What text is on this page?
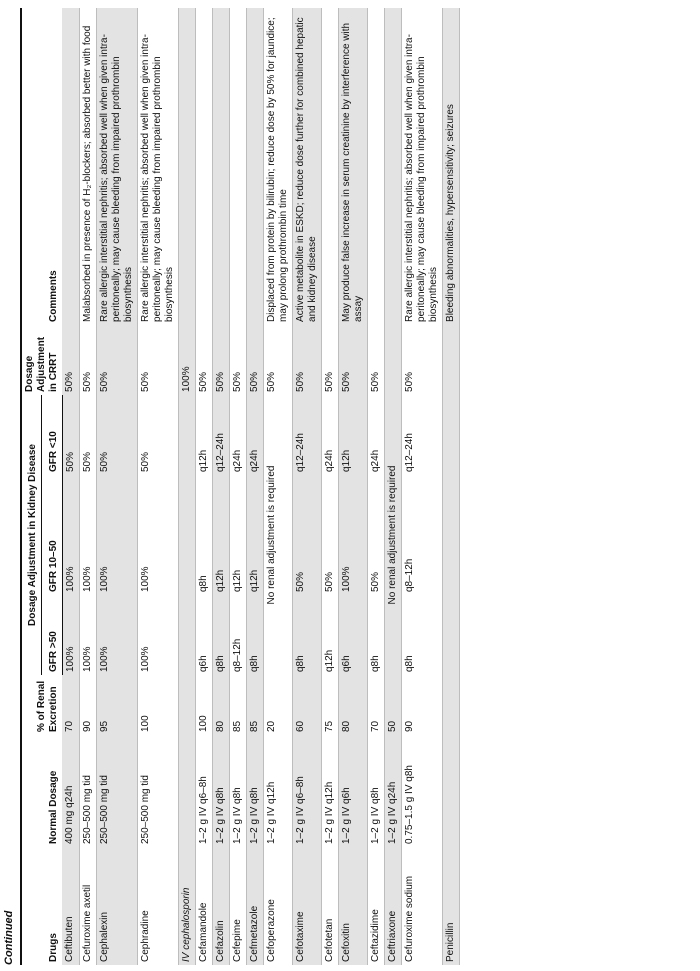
Continued	Drugs	Normal Dosage	% of Renal Excretion	Dosage Adjustment in Kidney Disease			Dosage Adjustment in CRRT	Comments
			GFR >50	GFR 10–50	GFR <10		
Ceftibuten	400 mg q24h	70	100%	100%	50%	50%	
Cefuroxime axetil	250–500 mg tid	90	100%	100%	50%	50%	Malabsorbed in presence of H₂-blockers; absorbed better with food
Cephalexin	250–500 mg tid	95	100%	100%	50%	50%	Rare allergic interstitial nephritis; absorbed well when given intra-peritoneally; may cause bleeding from impaired prothrombin biosynthesis
Cephradine	250–500 mg tid	100	100%	100%	50%	50%	Rare allergic interstitial nephritis; absorbed well when given intra-peritoneally; may cause bleeding from impaired prothrombin biosynthesis
IV cephalosporin						100%	
Cefamandole	1–2 g IV q6–8h	100	q6h	q8h	q12h	50%	
Cefazolin	1–2 g IV q8h	80	q8h	q12h	q12–24h	50%	
Cefepime	1–2 g IV q8h	85	q8–12h	q12h	q24h	50%	
Cefmetazole	1–2 g IV q8h	85	q8h	q12h	q24h	50%	
Cefoperazone	1–2 g IV q12h	20	No renal adjustment is required			50%	Displaced from protein by bilirubin; reduce dose by 50% for jaundice; may prolong prothrombin time
Cefotaxime	1–2 g IV q6–8h	60	q8h	50%	q12–24h	50%	Active metabolite in ESKD; reduce dose further for combined hepatic and kidney disease
Cefotetan	1–2 g IV q12h	75	q12h	50%	q24h	50%	
Cefoxitin	1–2 g IV q6h	80	q6h	100%	q12h	50%	May produce false increase in serum creatinine by interference with assay
Ceftazidime	1–2 g IV q8h	70	q8h	50%	q24h	50%	
Ceftriaxone	1–2 g IV q24h	50	No renal adjustment is required				
Cefuroxime sodium	0.75–1.5 g IV q8h	90	q8h	q8–12h	q12–24h	50%	Rare allergic interstitial nephritis; absorbed well when given intra-peritoneally; may cause bleeding from impaired prothrombin biosynthesis
Penicillin							Bleeding abnormalities, hypersensitivity; seizures
